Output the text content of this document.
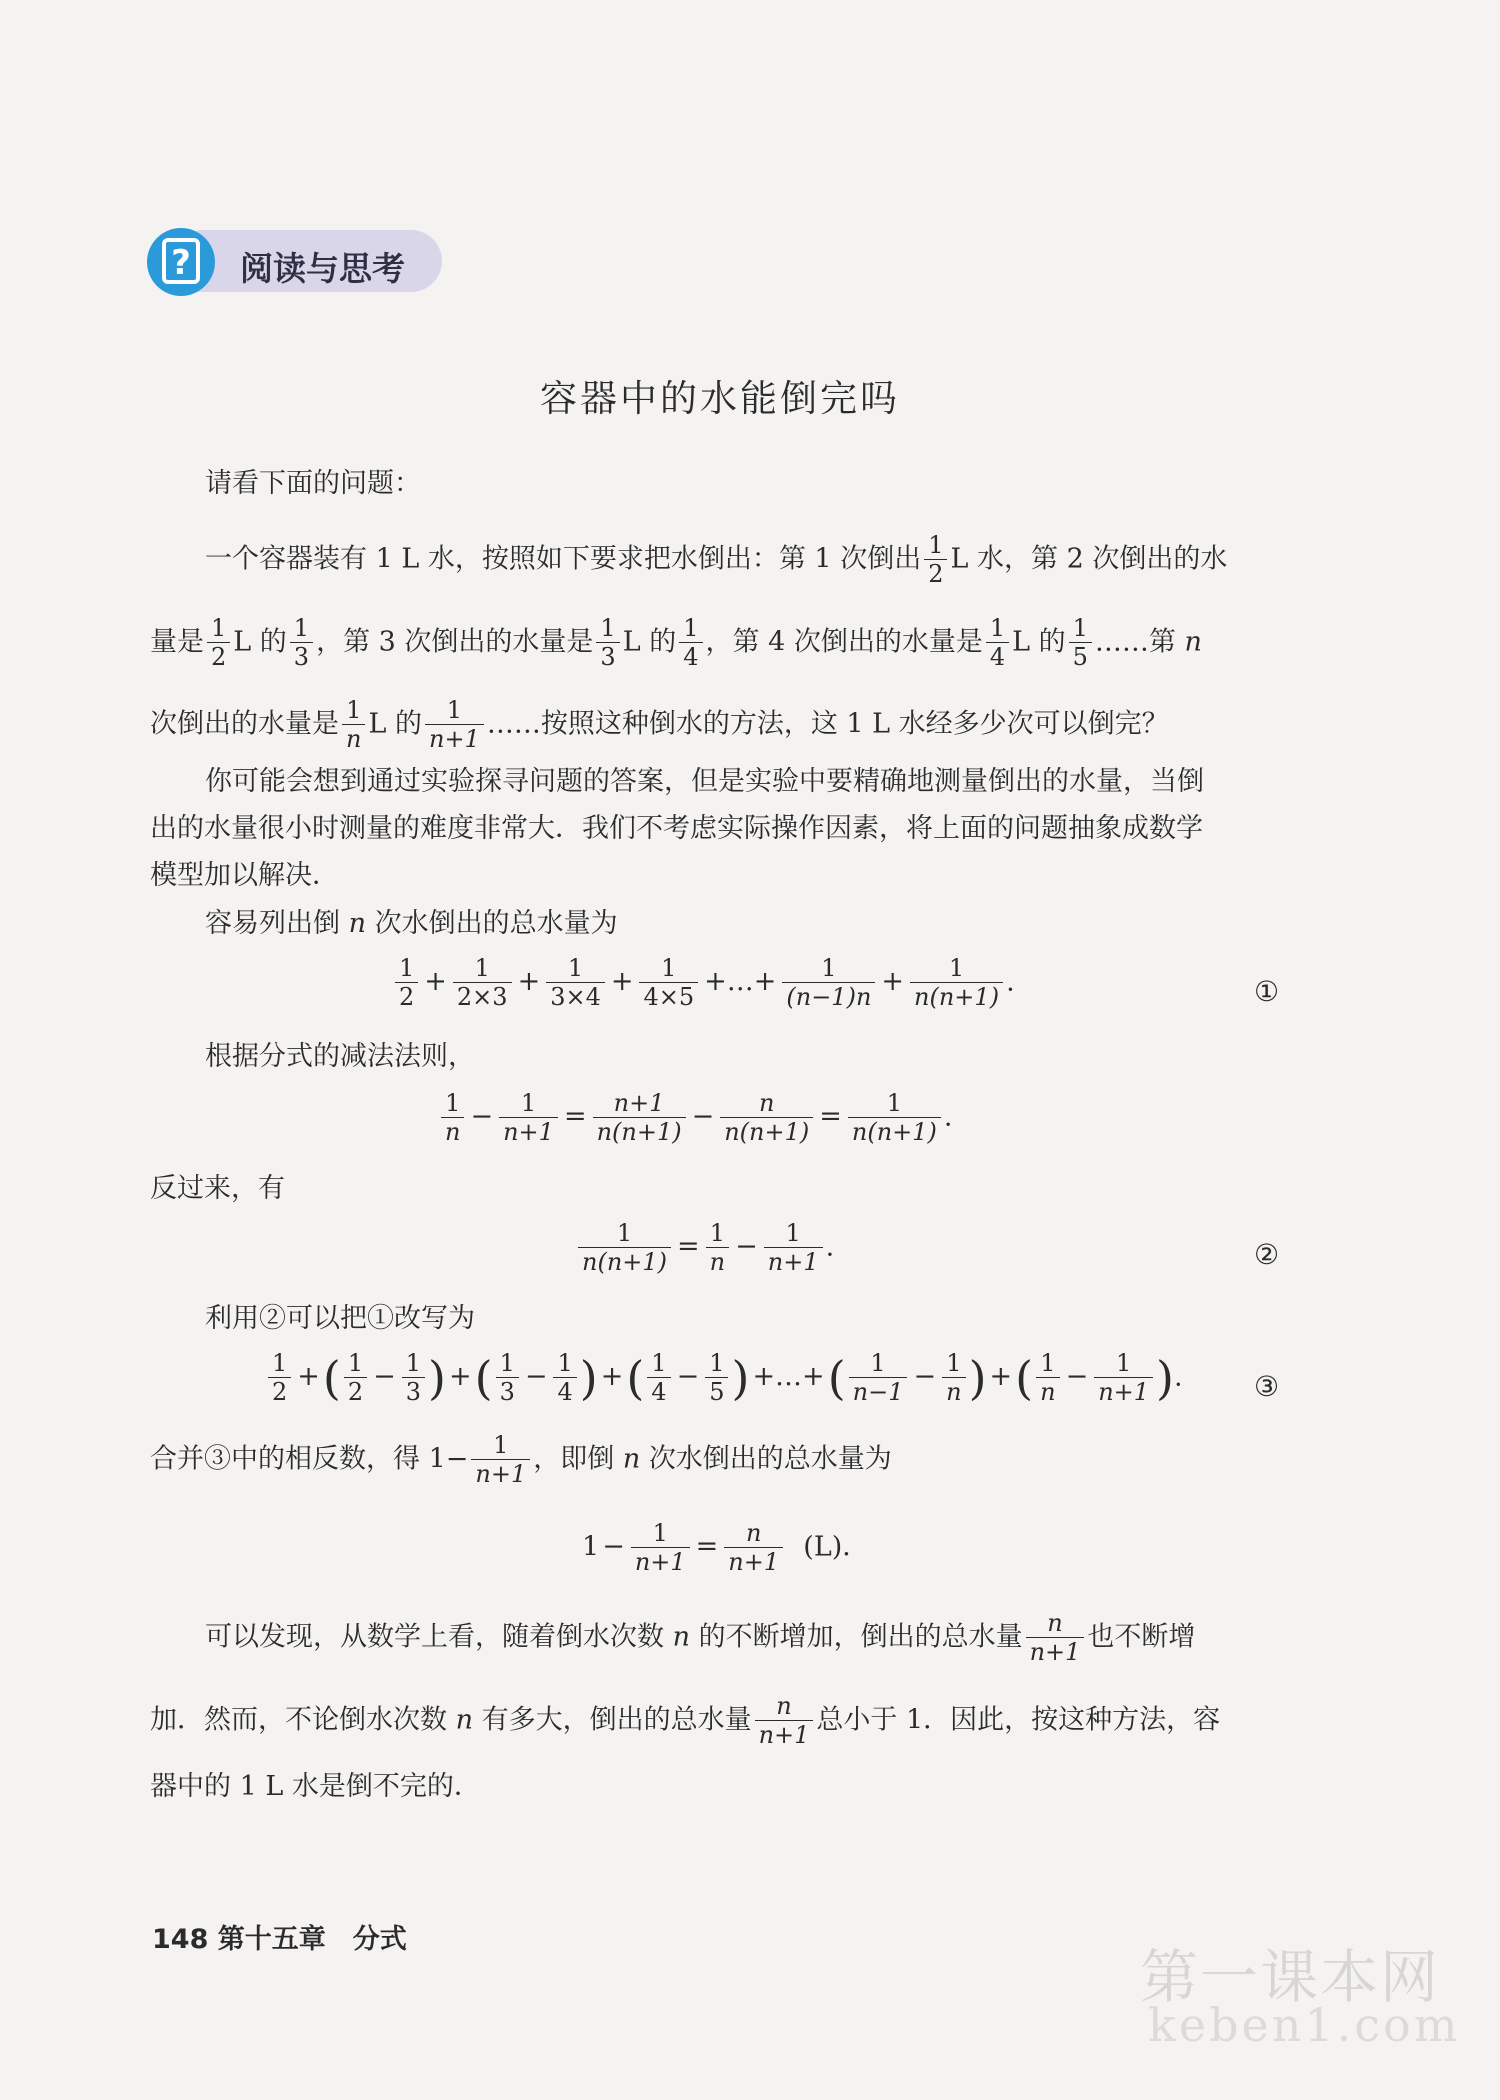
? 阅读与思考
容器中的水能倒完吗
请看下面的问题：
一个容器装有 1 L 水，按照如下要求把水倒出：第 1 次倒出 $\frac{1}{2}$ L 水，第 2 次倒出的水
量是 $\frac{1}{2}$ L 的 $\frac{1}{3}$ ，第 3 次倒出的水量是 $\frac{1}{3}$ L 的 $\frac{1}{4}$ ，第 4 次倒出的水量是 $\frac{1}{4}$ L 的 $\frac{1}{5}$ ……第 n
次倒出的水量是 $\frac{1}{n}$ L 的 $\frac{1}{n+1}$ ……按照这种倒水的方法，这 1 L 水经多少次可以倒完？
你可能会想到通过实验探寻问题的答案，但是实验中要精确地测量倒出的水量，当倒
出的水量很小时测量的难度非常大．我们不考虑实际操作因素，将上面的问题抽象成数学
模型加以解决．
容易列出倒 n 次水倒出的总水量为
$\frac{1}{2} + \frac{1}{2\times 3} + \frac{1}{3\times 4} + \frac{1}{4\times 5}$ +…+ $\frac{1}{(n-1)n} + \frac{1}{n(n+1)}$ .	①
根据分式的减法法则，
$\frac{1}{n} - \frac{1}{n+1} = \frac{n+1}{n(n+1)} - \frac{n}{n(n+1)} = \frac{1}{n(n+1)}$ .
反过来，有
$\frac{1}{n(n+1)} = \frac{1}{n} - \frac{1}{n+1}$ .	②
利用②可以把①改写为
$\frac{1}{2}$ +( $\frac{1}{2} - \frac{1}{3}$ ) +( $\frac{1}{3} - \frac{1}{4}$ ) +( $\frac{1}{4} - \frac{1}{5}$ ) +…+( $\frac{1}{n-1} - \frac{1}{n}$ ) +( $\frac{1}{n} - \frac{1}{n+1}$ ).	③
合并③中的相反数，得 $1- \frac{1}{n+1}$ ，即倒 n 次水倒出的总水量为
$1 - \frac{1}{n+1} = \frac{n}{n+1} (L)$．
可以发现，从数学上看，随着倒水次数 n 的不断增加，倒出的总水量 $\frac{n}{n+1}$ 也不断增
加．然而，不论倒水次数 n 有多大，倒出的总水量 $\frac{n}{n+1}$ 总小于 1．因此，按这种方法，容
器中的 1 L 水是倒不完的．
148 第十五章　分式
第一课本网
keben1.com
